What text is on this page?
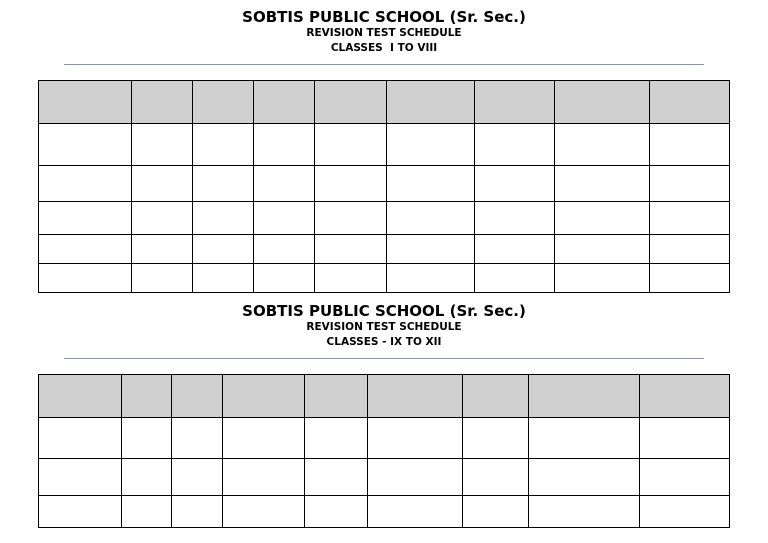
SOBTIS PUBLIC SCHOOL (Sr. Sec.)
REVISION TEST SCHEDULE
CLASSES  I TO VIII

SOBTIS PUBLIC SCHOOL (Sr. Sec.)
REVISION TEST SCHEDULE
CLASSES - IX TO XII
